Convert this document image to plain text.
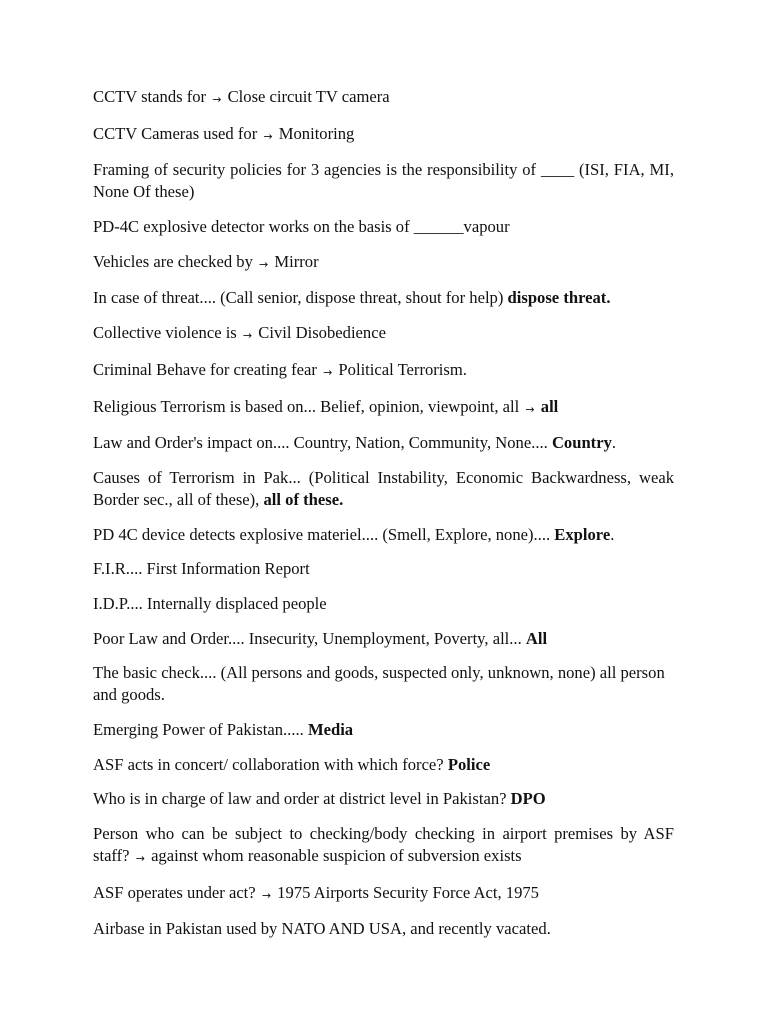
CCTV stands for → Close circuit TV camera

CCTV Cameras used for → Monitoring

Framing of security policies for 3 agencies is the responsibility of ____ (ISI, FIA, MI, None Of these)

PD-4C explosive detector works on the basis of ______vapour

Vehicles are checked by → Mirror

In case of threat.... (Call senior, dispose threat, shout for help) dispose threat.

Collective violence is → Civil Disobedience

Criminal Behave for creating fear → Political Terrorism.

Religious Terrorism is based on... Belief, opinion, viewpoint, all → all

Law and Order's impact on.... Country, Nation, Community, None.... Country.

Causes of Terrorism in Pak... (Political Instability, Economic Backwardness, weak Border sec., all of these), all of these.

PD 4C device detects explosive materiel.... (Smell, Explore, none).... Explore.

F.I.R.... First Information Report

I.D.P.... Internally displaced people

Poor Law and Order.... Insecurity, Unemployment, Poverty, all... All

The basic check.... (All persons and goods, suspected only, unknown, none) all person and goods.

Emerging Power of Pakistan..... Media

ASF acts in concert/ collaboration with which force? Police

Who is in charge of law and order at district level in Pakistan? DPO

Person who can be subject to checking/body checking in airport premises by ASF staff? → against whom reasonable suspicion of subversion exists

ASF operates under act? → 1975 Airports Security Force Act, 1975

Airbase in Pakistan used by NATO AND USA, and recently vacated.
